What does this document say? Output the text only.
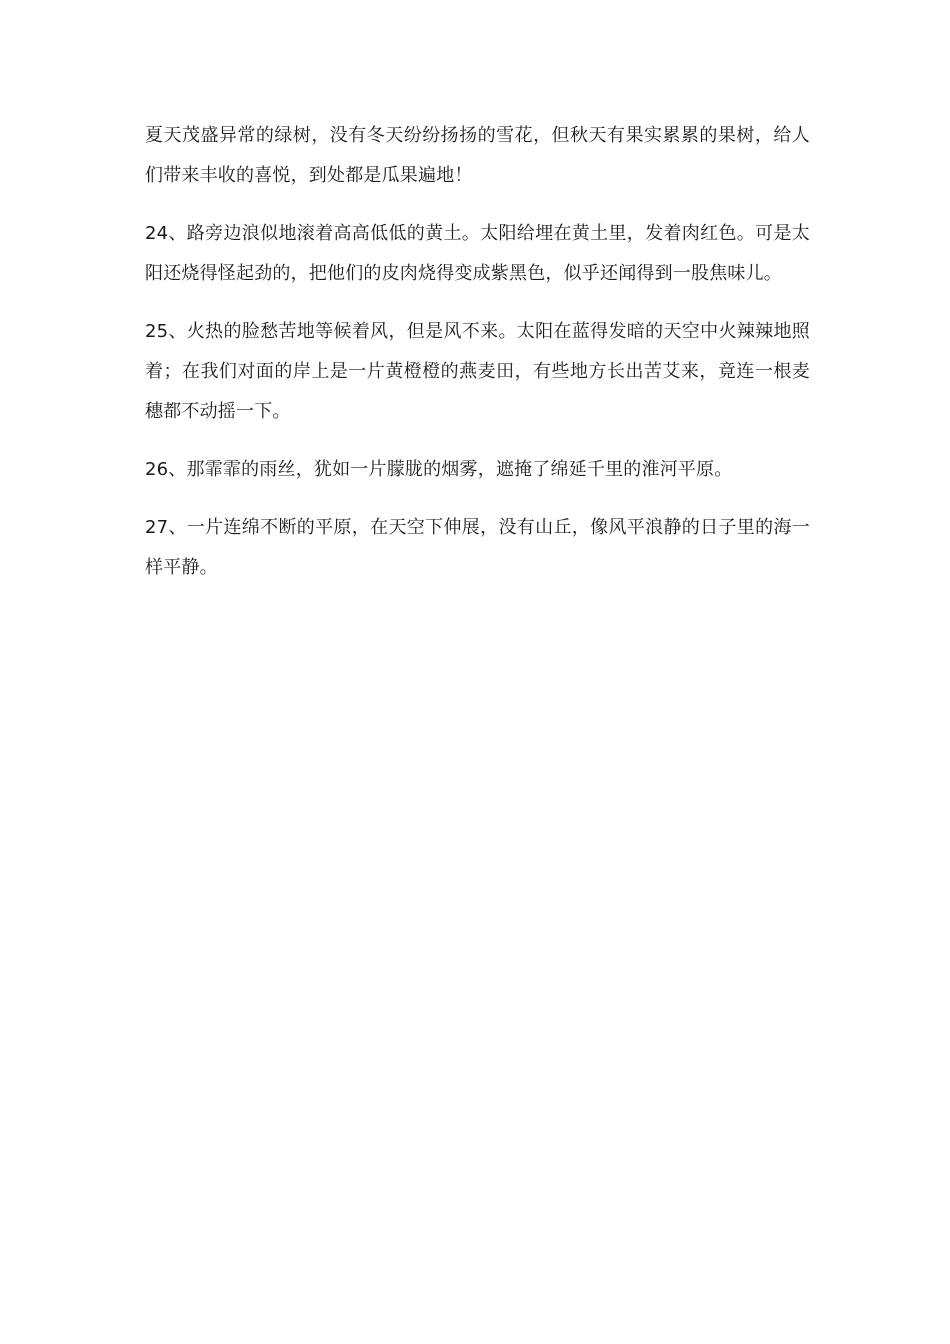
夏天茂盛异常的绿树，没有冬天纷纷扬扬的雪花，但秋天有果实累累的果树，给人们带来丰收的喜悦，到处都是瓜果遍地！

24、路旁边浪似地滚着高高低低的黄土。太阳给埋在黄土里，发着肉红色。可是太阳还烧得怪起劲的，把他们的皮肉烧得变成紫黑色，似乎还闻得到一股焦味儿。

25、火热的脸愁苦地等候着风，但是风不来。太阳在蓝得发暗的天空中火辣辣地照着；在我们对面的岸上是一片黄橙橙的燕麦田，有些地方长出苦艾来，竟连一根麦穗都不动摇一下。

26、那霏霏的雨丝，犹如一片朦胧的烟雾，遮掩了绵延千里的淮河平原。

27、一片连绵不断的平原，在天空下伸展，没有山丘，像风平浪静的日子里的海一样平静。
